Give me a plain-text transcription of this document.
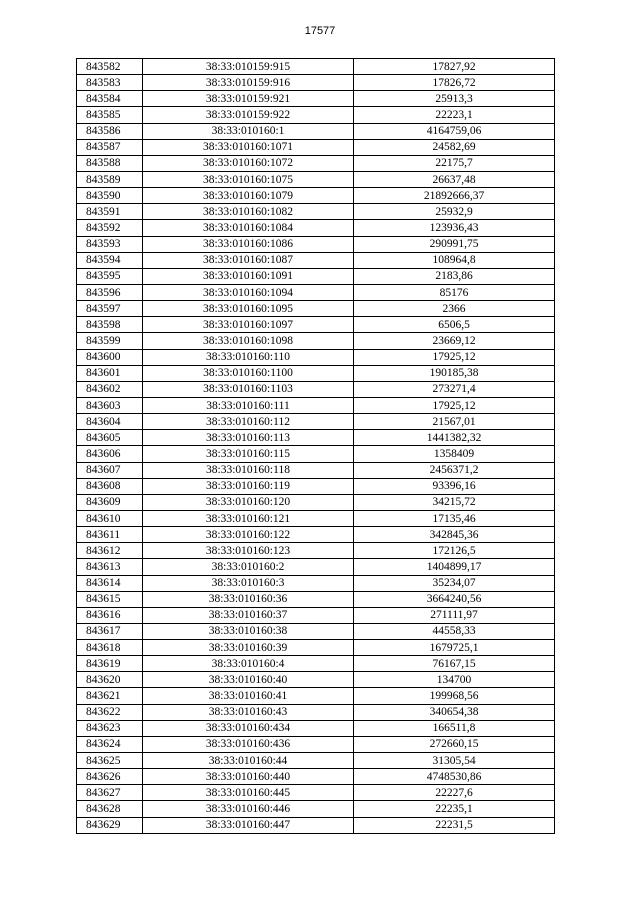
17577
843582	38:33:010159:915	17827,92
843583	38:33:010159:916	17826,72
843584	38:33:010159:921	25913,3
843585	38:33:010159:922	22223,1
843586	38:33:010160:1	4164759,06
843587	38:33:010160:1071	24582,69
843588	38:33:010160:1072	22175,7
843589	38:33:010160:1075	26637,48
843590	38:33:010160:1079	21892666,37
843591	38:33:010160:1082	25932,9
843592	38:33:010160:1084	123936,43
843593	38:33:010160:1086	290991,75
843594	38:33:010160:1087	108964,8
843595	38:33:010160:1091	2183,86
843596	38:33:010160:1094	85176
843597	38:33:010160:1095	2366
843598	38:33:010160:1097	6506,5
843599	38:33:010160:1098	23669,12
843600	38:33:010160:110	17925,12
843601	38:33:010160:1100	190185,38
843602	38:33:010160:1103	273271,4
843603	38:33:010160:111	17925,12
843604	38:33:010160:112	21567,01
843605	38:33:010160:113	1441382,32
843606	38:33:010160:115	1358409
843607	38:33:010160:118	2456371,2
843608	38:33:010160:119	93396,16
843609	38:33:010160:120	34215,72
843610	38:33:010160:121	17135,46
843611	38:33:010160:122	342845,36
843612	38:33:010160:123	172126,5
843613	38:33:010160:2	1404899,17
843614	38:33:010160:3	35234,07
843615	38:33:010160:36	3664240,56
843616	38:33:010160:37	271111,97
843617	38:33:010160:38	44558,33
843618	38:33:010160:39	1679725,1
843619	38:33:010160:4	76167,15
843620	38:33:010160:40	134700
843621	38:33:010160:41	199968,56
843622	38:33:010160:43	340654,38
843623	38:33:010160:434	166511,8
843624	38:33:010160:436	272660,15
843625	38:33:010160:44	31305,54
843626	38:33:010160:440	4748530,86
843627	38:33:010160:445	22227,6
843628	38:33:010160:446	22235,1
843629	38:33:010160:447	22231,5
